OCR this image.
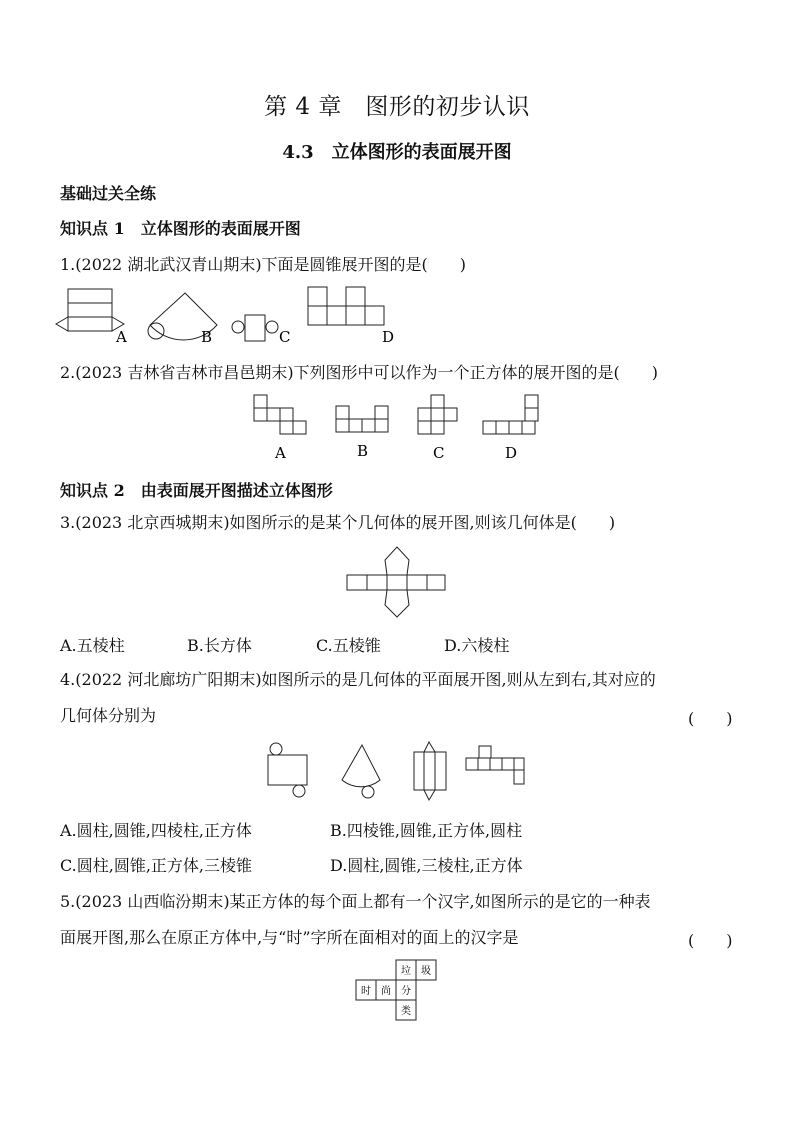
第 4 章　图形的初步认识
4.3　立体图形的表面展开图
基础过关全练
知识点 1　立体图形的表面展开图
1.(2022 湖北武汉青山期末)下面是圆锥展开图的是(　　)
A	B	C	D
2.(2023 吉林省吉林市昌邑期末)下列图形中可以作为一个正方体的展开图的是(　　)
A	B	C	D
知识点 2　由表面展开图描述立体图形
3.(2023 北京西城期末)如图所示的是某个几何体的展开图,则该几何体是(　　)
A.五棱柱	B.长方体	C.五棱锥	D.六棱柱
4.(2022 河北廊坊广阳期末)如图所示的是几何体的平面展开图,则从左到右,其对应的
几何体分别为	(　　)
A.圆柱,圆锥,四棱柱,正方体	B.四棱锥,圆锥,正方体,圆柱
C.圆柱,圆锥,正方体,三棱锥	D.圆柱,圆锥,三棱柱,正方体
5.(2023 山西临汾期末)某正方体的每个面上都有一个汉字,如图所示的是它的一种表
面展开图,那么在原正方体中,与“时”字所在面相对的面上的汉字是	(　　)
垃 圾
时 尚 分
类
